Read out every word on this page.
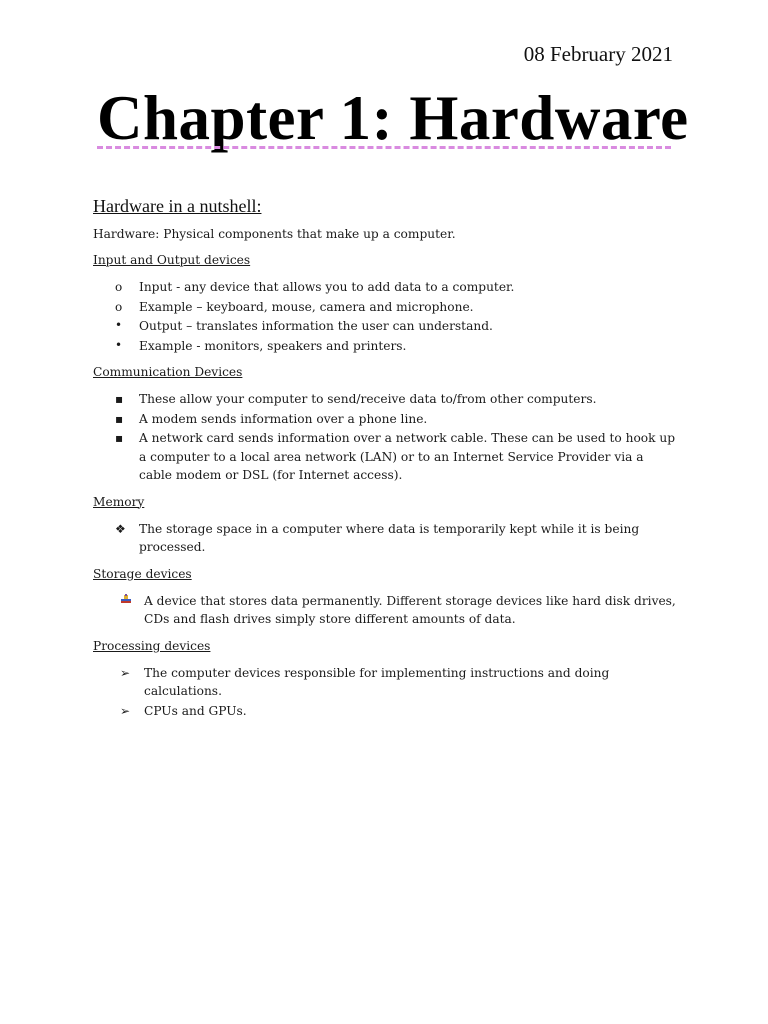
08 February 2021
Chapter 1: Hardware
Hardware in a nutshell:

Hardware: Physical components that make up a computer.

Input and Output devices
o	Input - any device that allows you to add data to a computer.
o	Example – keyboard, mouse, camera and microphone.
•	Output – translates information the user can understand.
•	Example - monitors, speakers and printers.
Communication Devices
▪	These allow your computer to send/receive data to/from other computers.
▪	A modem sends information over a phone line.
▪	A network card sends information over a network cable. These can be used to hook up a computer to a local area network (LAN) or to an Internet Service Provider via a cable modem or DSL (for Internet access).
Memory
❖	The storage space in a computer where data is temporarily kept while it is being processed.
Storage devices
A device that stores data permanently. Different storage devices like hard disk drives, CDs and flash drives simply store different amounts of data.
Processing devices
➢	The computer devices responsible for implementing instructions and doing calculations.
➢	CPUs and GPUs.
